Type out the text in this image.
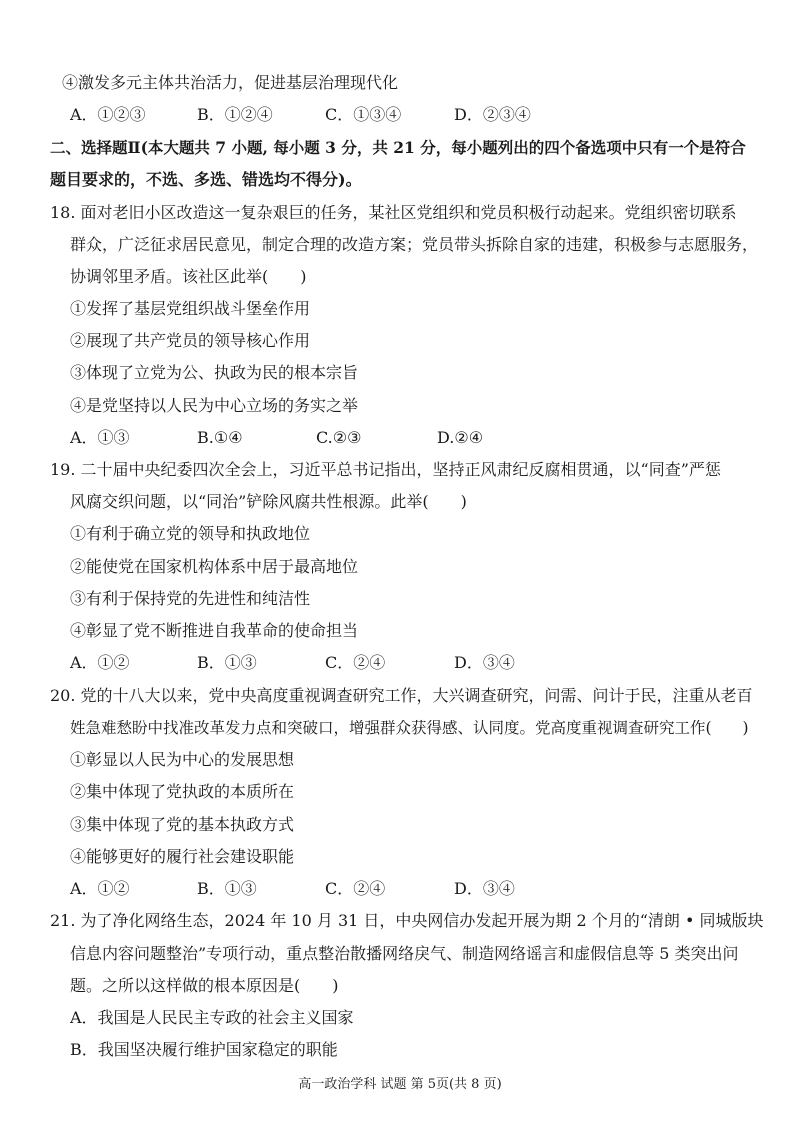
④激发多元主体共治活力，促进基层治理现代化
A．①②③	B．①②④	C．①③④	D．②③④
二、选择题Ⅱ(本大题共 7 小题, 每小题 3 分，共 21 分，每小题列出的四个备选项中只有一个是符合
题目要求的，不选、多选、错选均不得分)。
18. 面对老旧小区改造这一复杂艰巨的任务，某社区党组织和党员积极行动起来。党组织密切联系
群众，广泛征求居民意见，制定合理的改造方案；党员带头拆除自家的违建，积极参与志愿服务，
协调邻里矛盾。该社区此举(　　)
①发挥了基层党组织战斗堡垒作用
②展现了共产党员的领导核心作用
③体现了立党为公、执政为民的根本宗旨
④是党坚持以人民为中心立场的务实之举
A．①③	B.①④	C.②③	D.②④
19. 二十届中央纪委四次全会上，习近平总书记指出，坚持正风肃纪反腐相贯通，以“同查”严惩
风腐交织问题，以“同治”铲除风腐共性根源。此举(　　)
①有利于确立党的领导和执政地位
②能使党在国家机构体系中居于最高地位
③有利于保持党的先进性和纯洁性
④彰显了党不断推进自我革命的使命担当
A．①②	B．①③	C．②④	D．③④
20. 党的十八大以来，党中央高度重视调查研究工作，大兴调查研究，问需、问计于民，注重从老百
姓急难愁盼中找准改革发力点和突破口，增强群众获得感、认同度。党高度重视调查研究工作(　　)
①彰显以人民为中心的发展思想
②集中体现了党执政的本质所在
③集中体现了党的基本执政方式
④能够更好的履行社会建设职能
A．①②	B．①③	C．②④	D．③④
21. 为了净化网络生态，2024 年 10 月 31 日，中央网信办发起开展为期 2 个月的“清朗 • 同城版块
信息内容问题整治”专项行动，重点整治散播网络戾气、制造网络谣言和虚假信息等 5 类突出问
题。之所以这样做的根本原因是(　　)
A．我国是人民民主专政的社会主义国家
B．我国坚决履行维护国家稳定的职能
高一政治学科 试题 第 5页(共 8 页)
